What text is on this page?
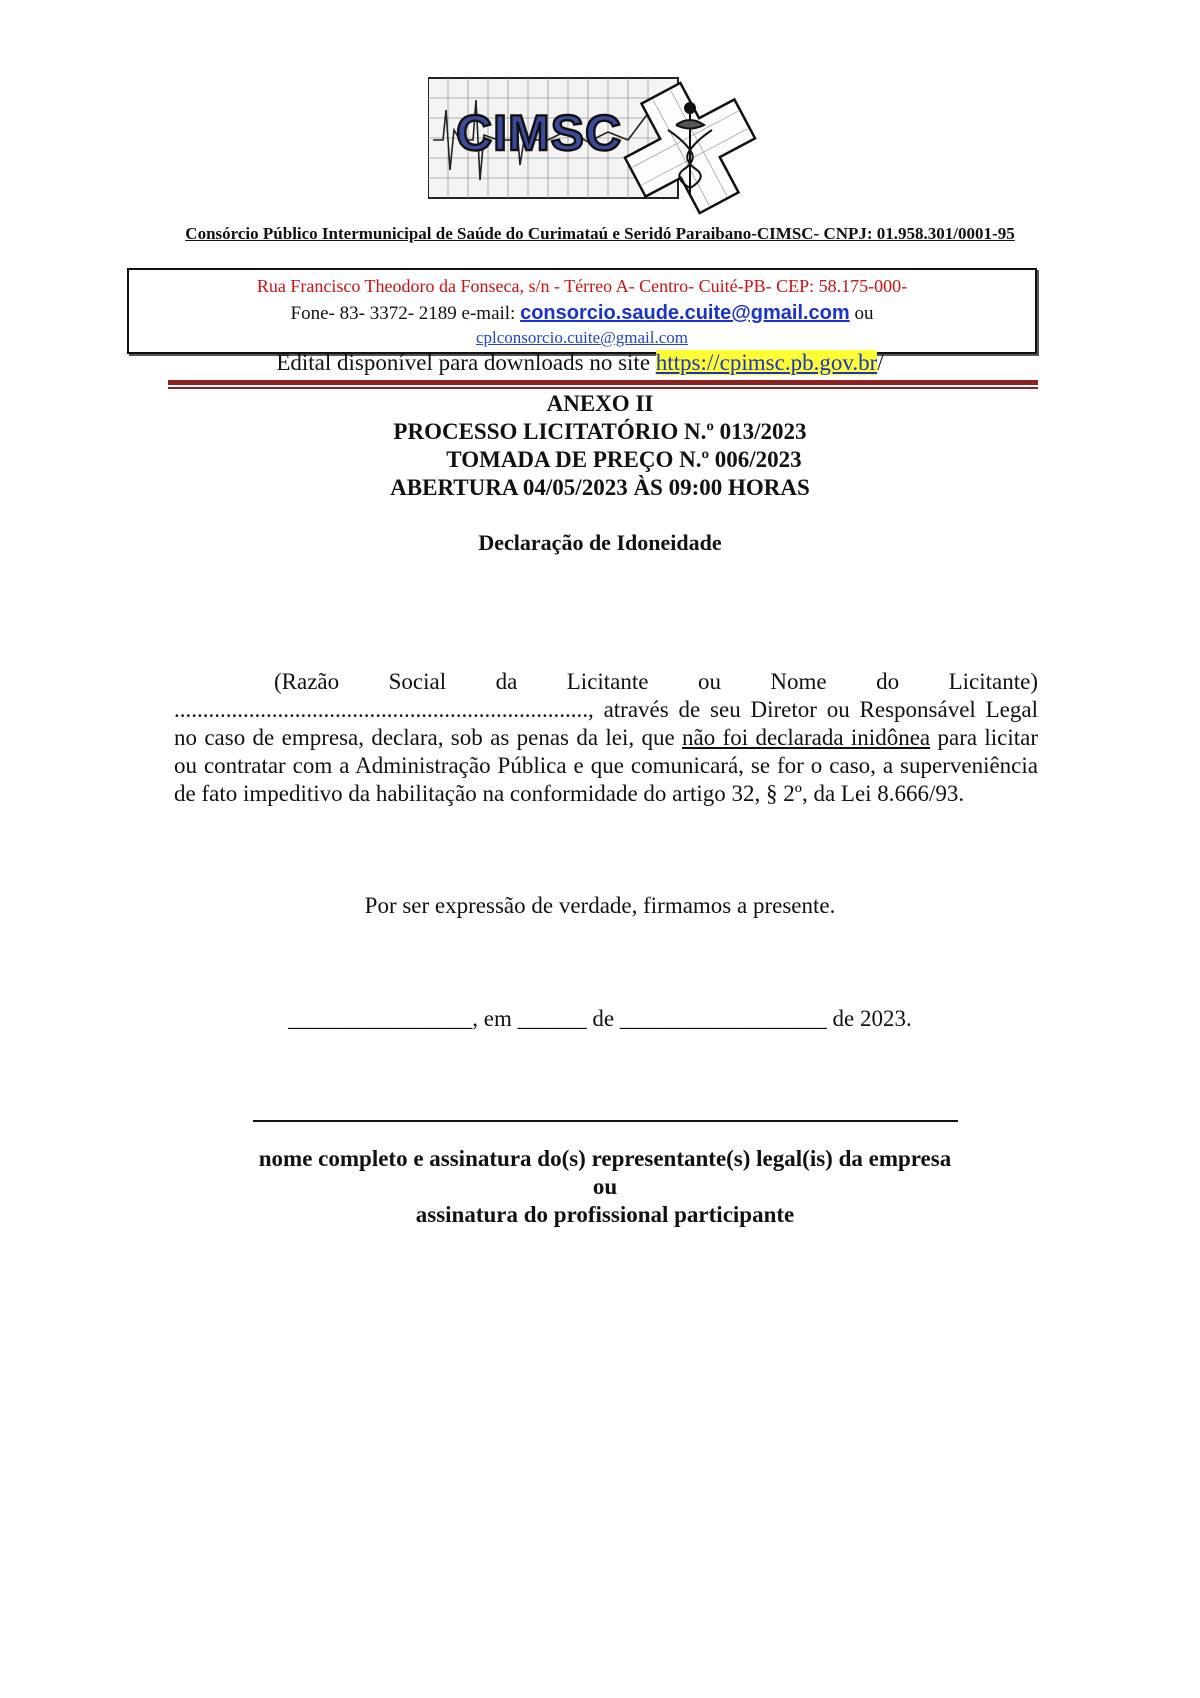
CIMSC
Consórcio Público Intermunicipal de Saúde do Curimataú e Seridó Paraibano-CIMSC- CNPJ: 01.958.301/0001-95
Rua Francisco Theodoro da Fonseca, s/n - Térreo A- Centro- Cuité-PB- CEP: 58.175-000-
Fone- 83- 3372- 2189 e-mail: consorcio.saude.cuite@gmail.com ou
cplconsorcio.cuite@gmail.com
Edital disponível para downloads no site https://cpimsc.pb.gov.br/
ANEXO II
PROCESSO LICITATÓRIO N.º 013/2023
TOMADA DE PREÇO N.º 006/2023
ABERTURA 04/05/2023 ÀS 09:00 HORAS
Declaração de Idoneidade
(Razão Social da Licitante ou Nome do Licitante)
........................................................................, através de seu Diretor ou Responsável Legal no caso de empresa, declara, sob as penas da lei, que não foi declarada inidônea para licitar ou contratar com a Administração Pública e que comunicará, se for o caso, a superveniência de fato impeditivo da habilitação na conformidade do artigo 32, § 2º, da Lei 8.666/93.
Por ser expressão de verdade, firmamos a presente.
________________, em ______ de __________________ de 2023.
nome completo e assinatura do(s) representante(s) legal(is) da empresa
ou
assinatura do profissional participante
